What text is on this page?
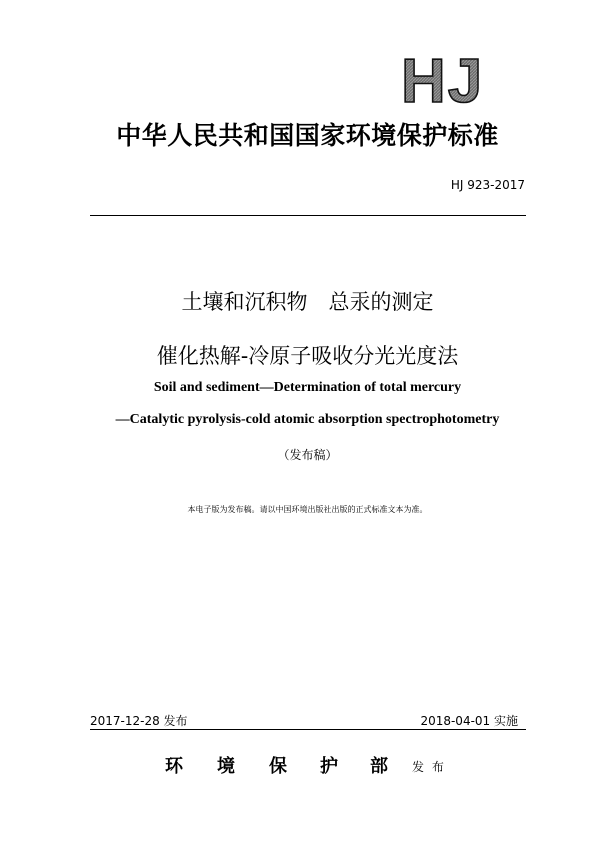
HJ
中华人民共和国国家环境保护标准
HJ 923-2017
土壤和沉积物　总汞的测定
催化热解-冷原子吸收分光光度法
Soil and sediment—Determination of total mercury
—Catalytic pyrolysis-cold atomic absorption spectrophotometry
（发布稿）
本电子版为发布稿。请以中国环境出版社出版的正式标准文本为准。
2017-12-28 发布	2018-04-01 实施
环 境 保 护 部 发 布
